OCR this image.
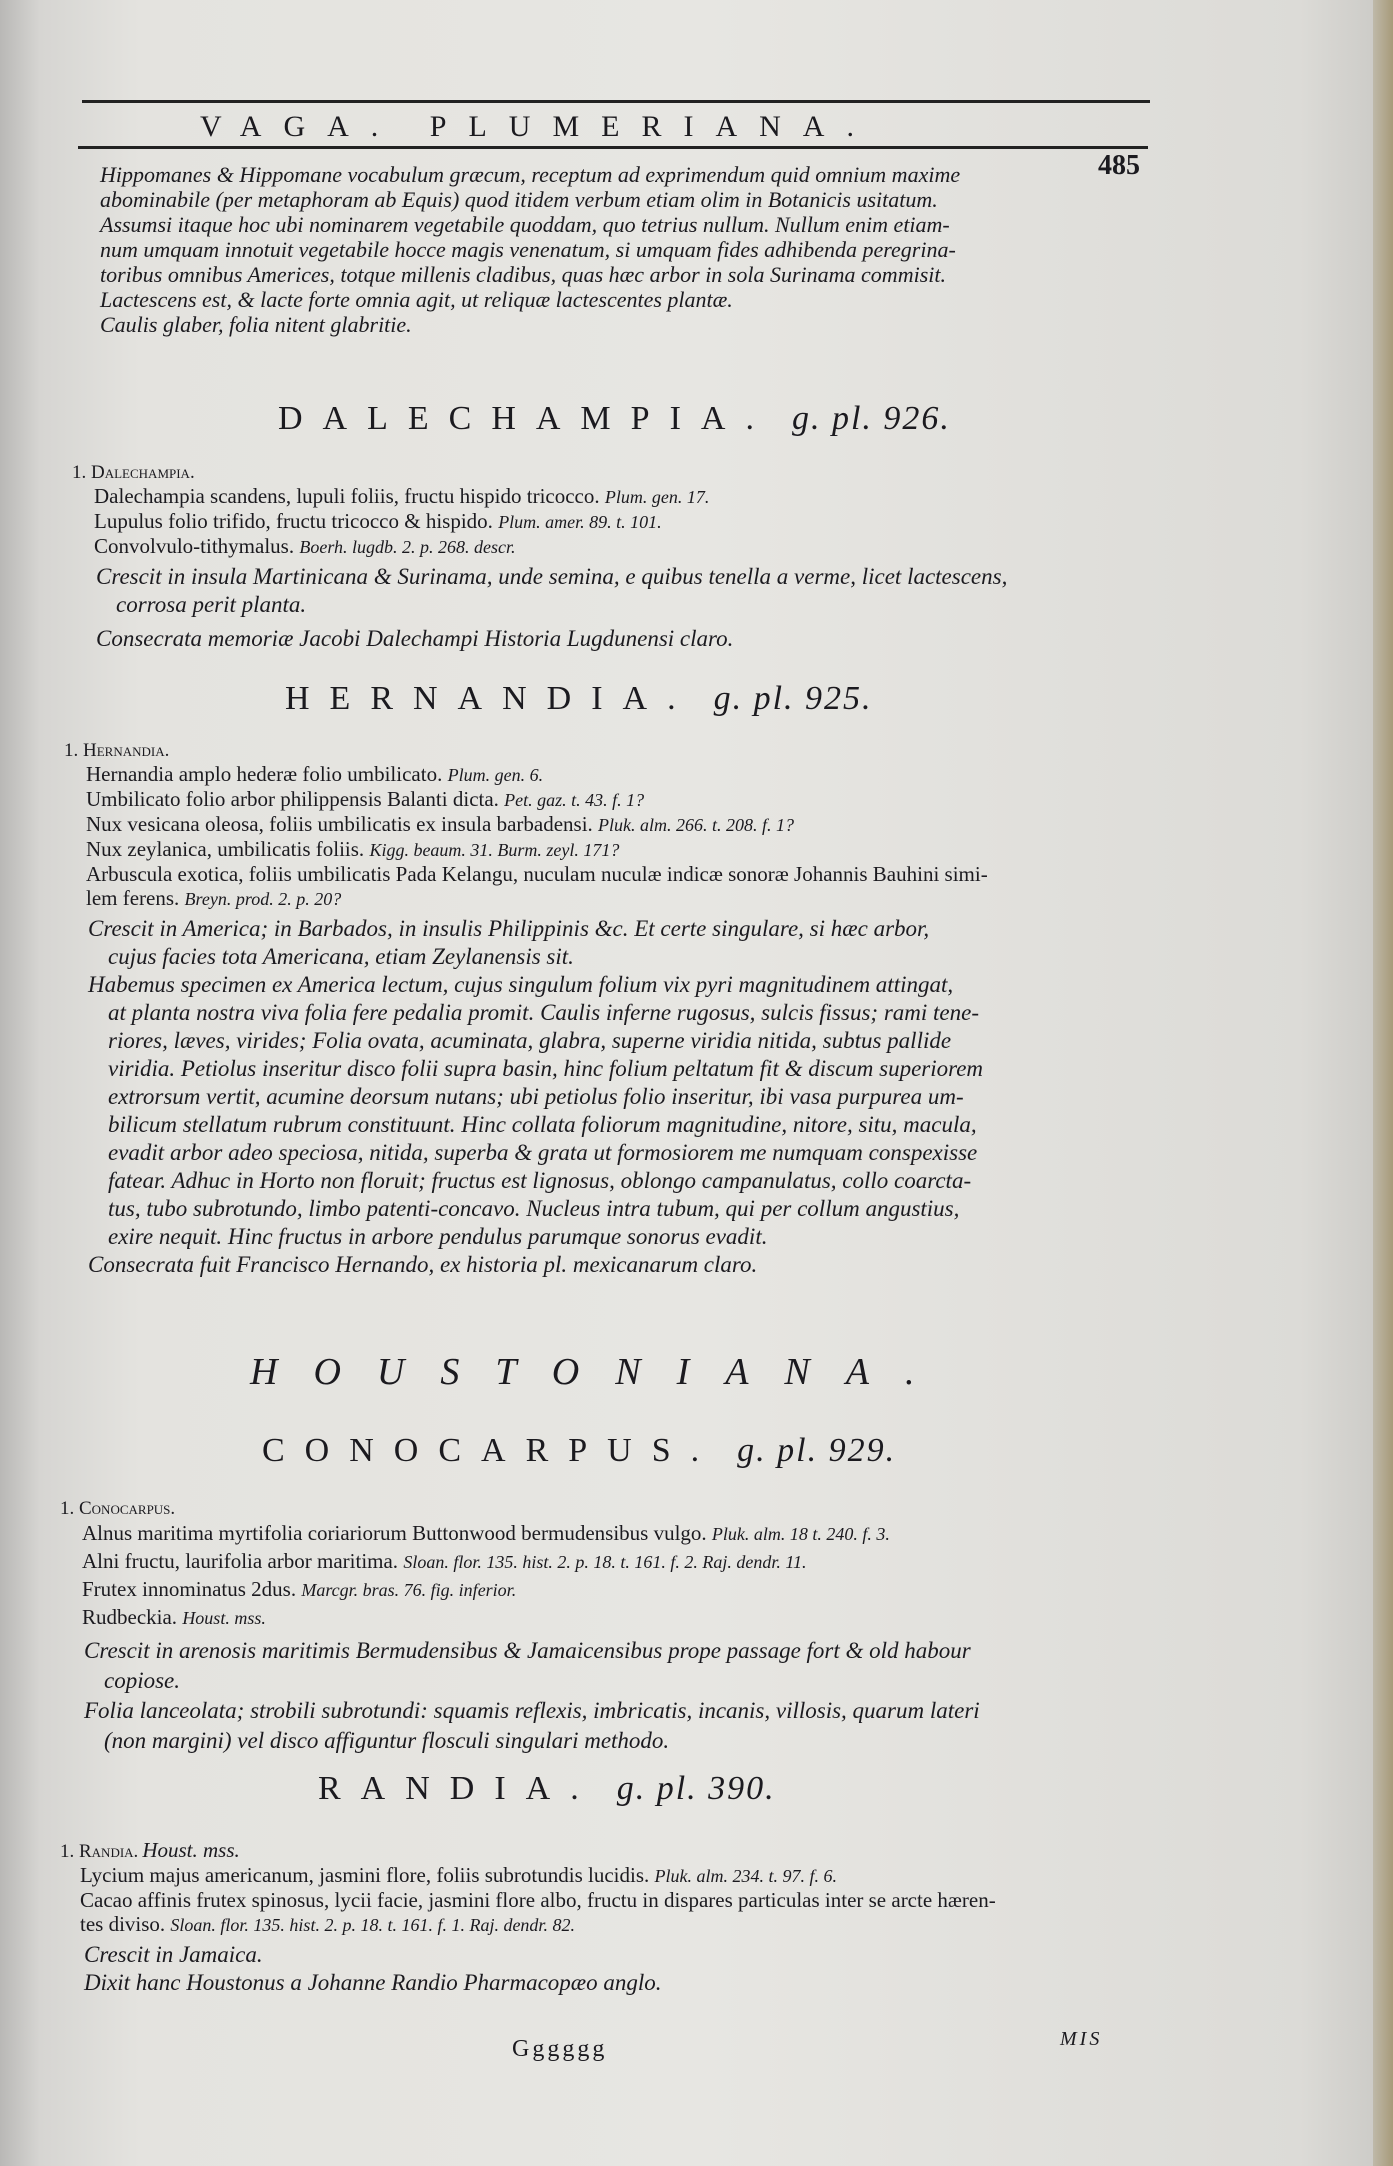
VAGA. PLUMERIANA.
485
Hippomanes & Hippomane vocabulum græcum, receptum ad exprimendum quid omnium maxime
abominabile (per metaphoram ab Equis) quod itidem verbum etiam olim in Botanicis usitatum.
Assumsi itaque hoc ubi nominarem vegetabile quoddam, quo tetrius nullum. Nullum enim etiam-
num umquam innotuit vegetabile hocce magis venenatum, si umquam fides adhibenda peregrina-
toribus omnibus Americes, totque millenis cladibus, quas hæc arbor in sola Surinama commisit.
Lactescens est, & lacte forte omnia agit, ut reliquæ lactescentes plantæ.
Caulis glaber, folia nitent glabritie.
DALECHAMPIA. g. pl. 926.
1. Dalechampia.
Dalechampia scandens, lupuli foliis, fructu hispido tricocco. Plum. gen. 17.
Lupulus folio trifido, fructu tricocco & hispido. Plum. amer. 89. t. 101.
Convolvulo-tithymalus. Boerh. lugdb. 2. p. 268. descr.
Crescit in insula Martinicana & Surinama, unde semina, e quibus tenella a verme, licet lactescens,
corrosa perit planta.
Consecrata memoriæ Jacobi Dalechampi Historia Lugdunensi claro.
HERNANDIA. g. pl. 925.
1. Hernandia.
Hernandia amplo hederæ folio umbilicato. Plum. gen. 6.
Umbilicato folio arbor philippensis Balanti dicta. Pet. gaz. t. 43. f. 1?
Nux vesicana oleosa, foliis umbilicatis ex insula barbadensi. Pluk. alm. 266. t. 208. f. 1?
Nux zeylanica, umbilicatis foliis. Kigg. beaum. 31. Burm. zeyl. 171?
Arbuscula exotica, foliis umbilicatis Pada Kelangu, nuculam nuculæ indicæ sonoræ Johannis Bauhini simi-
lem ferens. Breyn. prod. 2. p. 20?
Crescit in America; in Barbados, in insulis Philippinis &c. Et certe singulare, si hæc arbor,
cujus facies tota Americana, etiam Zeylanensis sit.
Habemus specimen ex America lectum, cujus singulum folium vix pyri magnitudinem attingat,
at planta nostra viva folia fere pedalia promit. Caulis inferne rugosus, sulcis fissus; rami tene-
riores, læves, virides; Folia ovata, acuminata, glabra, superne viridia nitida, subtus pallide
viridia. Petiolus inseritur disco folii supra basin, hinc folium peltatum fit & discum superiorem
extrorsum vertit, acumine deorsum nutans; ubi petiolus folio inseritur, ibi vasa purpurea um-
bilicum stellatum rubrum constituunt. Hinc collata foliorum magnitudine, nitore, situ, macula,
evadit arbor adeo speciosa, nitida, superba & grata ut formosiorem me numquam conspexisse
fatear. Adhuc in Horto non floruit; fructus est lignosus, oblongo campanulatus, collo coarcta-
tus, tubo subrotundo, limbo patenti-concavo. Nucleus intra tubum, qui per collum angustius,
exire nequit. Hinc fructus in arbore pendulus parumque sonorus evadit.
Consecrata fuit Francisco Hernando, ex historia pl. mexicanarum claro.
HOUSTONIANA.
CONOCARPUS. g. pl. 929.
1. Conocarpus.
Alnus maritima myrtifolia coriariorum Buttonwood bermudensibus vulgo. Pluk. alm. 18 t. 240. f. 3.
Alni fructu, laurifolia arbor maritima. Sloan. flor. 135. hist. 2. p. 18. t. 161. f. 2. Raj. dendr. 11.
Frutex innominatus 2dus. Marcgr. bras. 76. fig. inferior.
Rudbeckia. Houst. mss.
Crescit in arenosis maritimis Bermudensibus & Jamaicensibus prope passage fort & old habour
copiose.
Folia lanceolata; strobili subrotundi: squamis reflexis, imbricatis, incanis, villosis, quarum lateri
(non margini) vel disco affiguntur flosculi singulari methodo.
RANDIA. g. pl. 390.
1. Randia. Houst. mss.
Lycium majus americanum, jasmini flore, foliis subrotundis lucidis. Pluk. alm. 234. t. 97. f. 6.
Cacao affinis frutex spinosus, lycii facie, jasmini flore albo, fructu in dispares particulas inter se arcte hæren-
tes diviso. Sloan. flor. 135. hist. 2. p. 18. t. 161. f. 1. Raj. dendr. 82.
Crescit in Jamaica.
Dixit hanc Houstonus a Johanne Randio Pharmacopæo anglo.
Gggggg	MIS
